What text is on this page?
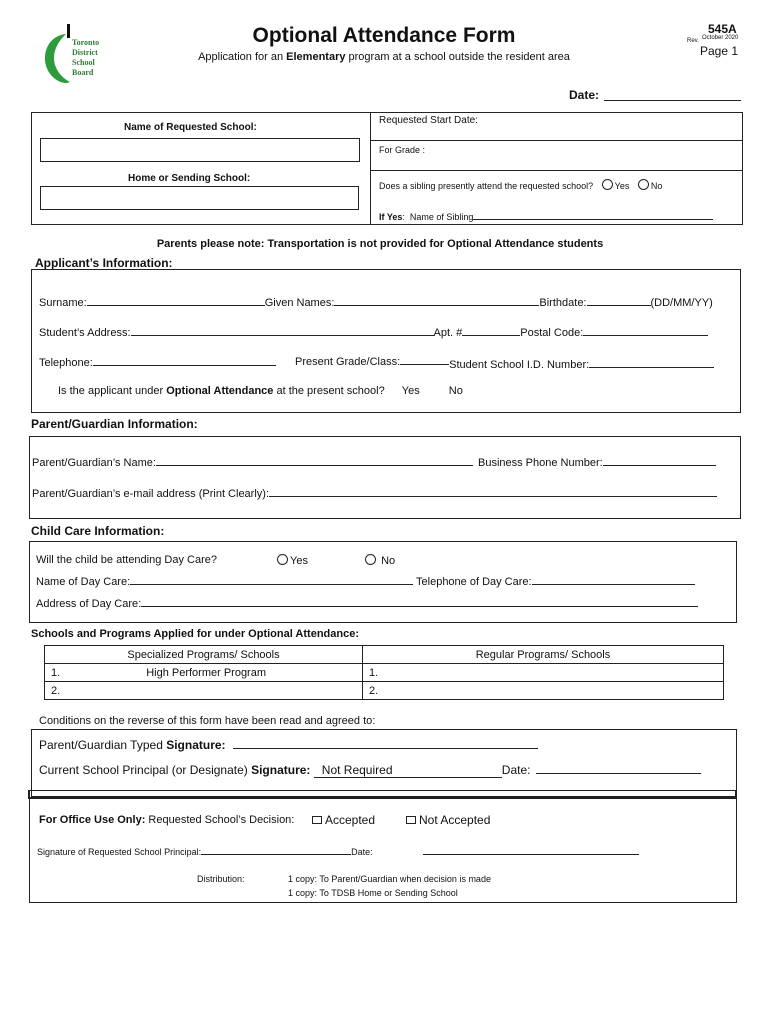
Toronto
District
School
Board
Optional Attendance Form
Application for an Elementary program at a school outside the resident area
545A
Rev. October 2020
Page 1
Date:
Name of Requested School:
Home or Sending School:
Requested Start Date:
For Grade :
Does a sibling presently attend the requested school? Yes No
If Yes:  Name of Sibling
Parents please note: Transportation is not provided for Optional Attendance students
Applicant’s Information:
Surname:	Given Names:	Birthdate:	(DD/MM/YY)
Student’s Address:	Apt. #	Postal Code:
Telephone:	Present Grade/Class:	Student School I.D. Number:
Is the applicant under Optional Attendance at the present school? Yes	No
Parent/Guardian Information:
Parent/Guardian’s Name:	Business Phone Number:
Parent/Guardian’s e-mail address (Print Clearly):
Child Care Information:
Will the child be attending Day Care?	Yes	No
Name of Day Care:	Telephone of Day Care:
Address of Day Care:
Schools and Programs Applied for under Optional Attendance:
Specialized Programs/ Schools	Regular Programs/ Schools
1. High Performer Program	1.
2.	2.
Conditions on the reverse of this form have been read and agreed to:
Parent/Guardian Typed Signature:
Current School Principal (or Designate) Signature: Not Required	Date:
For Office Use Only: Requested School’s Decision:	Accepted	Not Accepted
Signature of Requested School Principal:	Date:
Distribution:	1 copy: To Parent/Guardian when decision is made
1 copy: To TDSB Home or Sending School
